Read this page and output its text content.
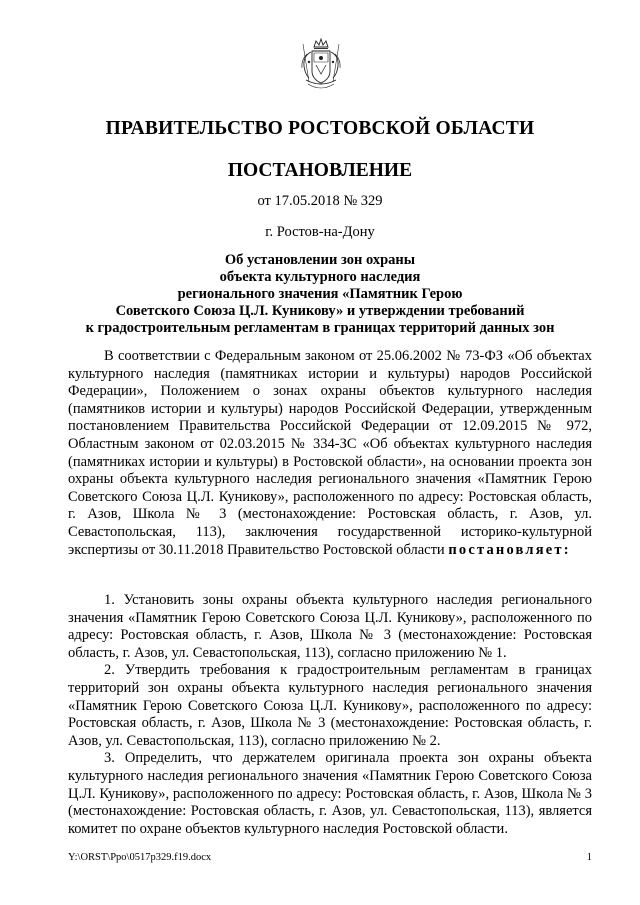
ПРАВИТЕЛЬСТВО РОСТОВСКОЙ ОБЛАСТИ
ПОСТАНОВЛЕНИЕ
от 17.05.2018 № 329
г. Ростов-на-Дону
Об установлении зон охраны
объекта культурного наследия
регионального значения «Памятник Герою
Советского Союза Ц.Л. Куникову» и утверждении требований
к градостроительным регламентам в границах территорий данных зон

В соответствии с Федеральным законом от 25.06.2002 № 73-ФЗ «Об объектах культурного наследия (памятниках истории и культуры) народов Российской Федерации», Положением о зонах охраны объектов культурного наследия (памятников истории и культуры) народов Российской Федерации, утвержденным постановлением Правительства Российской Федерации от 12.09.2015 № 972, Областным законом от 02.03.2015 № 334-ЗС «Об объектах культурного наследия (памятниках истории и культуры) в Ростовской области», на основании проекта зон охраны объекта культурного наследия регионального значения «Памятник Герою Советского Союза Ц.Л. Куникову», расположенного по адресу: Ростовская область, г. Азов, Школа № 3 (местонахождение: Ростовская область, г. Азов, ул. Севастопольская, 113), заключения государственной историко-культурной экспертизы от 30.11.2018 Правительство Ростовской области постановляет:

1. Установить зоны охраны объекта культурного наследия регионального значения «Памятник Герою Советского Союза Ц.Л. Куникову», расположенного по адресу: Ростовская область, г. Азов, Школа № 3 (местонахождение: Ростовская область, г. Азов, ул. Севастопольская, 113), согласно приложению № 1.

2. Утвердить требования к градостроительным регламентам в границах территорий зон охраны объекта культурного наследия регионального значения «Памятник Герою Советского Союза Ц.Л. Куникову», расположенного по адресу: Ростовская область, г. Азов, Школа № 3 (местонахождение: Ростовская область, г. Азов, ул. Севастопольская, 113), согласно приложению № 2.

3. Определить, что держателем оригинала проекта зон охраны объекта культурного наследия регионального значения «Памятник Герою Советского Союза Ц.Л. Куникову», расположенного по адресу: Ростовская область, г. Азов, Школа № 3 (местонахождение: Ростовская область, г. Азов, ул. Севастопольская, 113), является комитет по охране объектов культурного наследия Ростовской области.

Y:\ORST\Ppo\0517p329.f19.docx	1
